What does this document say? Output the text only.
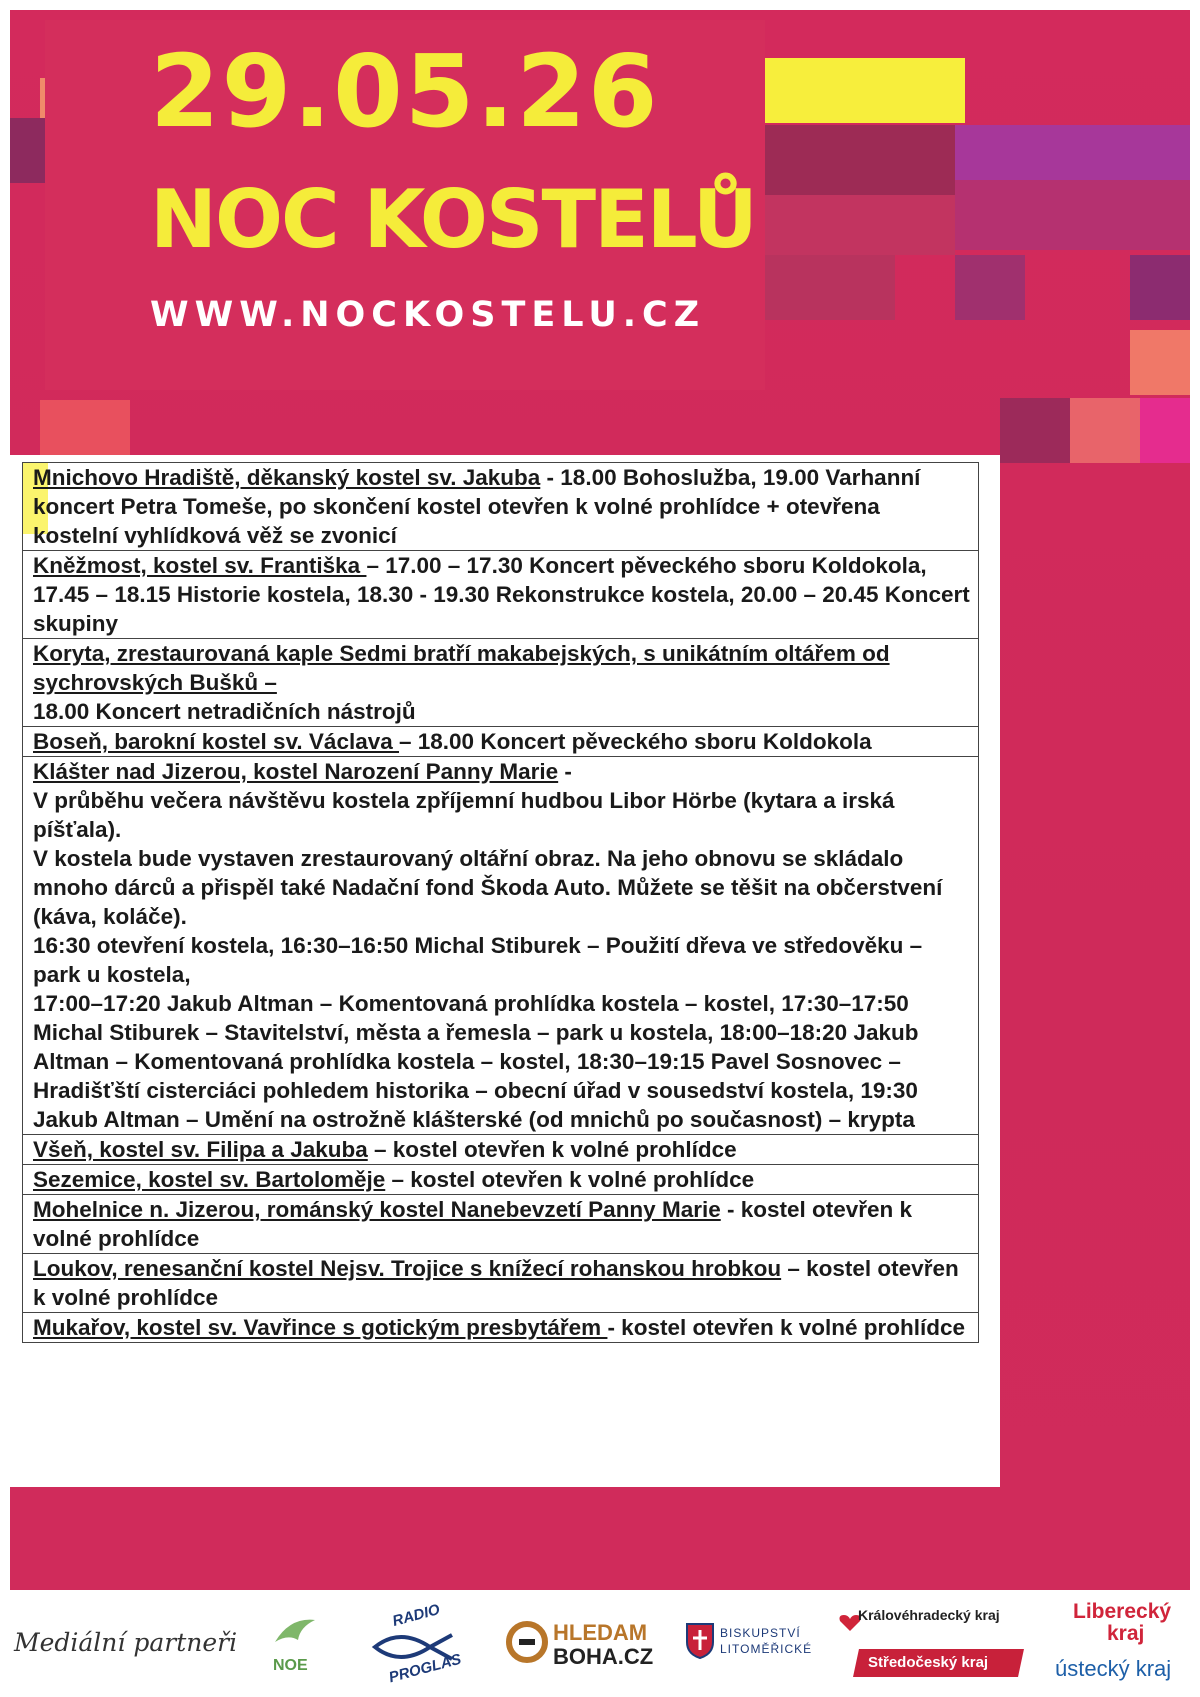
29.05.26
NOC KOSTELŮ
WWW.NOCKOSTELU.CZ
Mnichovo Hradiště, děkanský kostel sv. Jakuba - 18.00 Bohoslužba, 19.00 Varhanní koncert Petra Tomeše, po skončení kostel otevřen k volné prohlídce + otevřena kostelní vyhlídková věž se zvonicí
Kněžmost, kostel sv. Františka – 17.00 – 17.30 Koncert pěveckého sboru Koldokola, 17.45 – 18.15 Historie kostela, 18.30 - 19.30 Rekonstrukce kostela, 20.00 – 20.45 Koncert skupiny
Koryta, zrestaurovaná kaple Sedmi bratří makabejských, s unikátním oltářem od sychrovských Bušků –
18.00 Koncert netradičních nástrojů
Boseň, barokní kostel sv. Václava – 18.00 Koncert pěveckého sboru Koldokola
Klášter nad Jizerou, kostel Narození Panny Marie -
V průběhu večera návštěvu kostela zpříjemní hudbou Libor Hörbe (kytara a irská píšťala).
V kostela bude vystaven zrestaurovaný oltářní obraz. Na jeho obnovu se skládalo mnoho dárců a přispěl také Nadační fond Škoda Auto. Můžete se těšit na občerstvení (káva, koláče).
16:30 otevření kostela, 16:30–16:50 Michal Stiburek – Použití dřeva ve středověku – park u kostela,
17:00–17:20 Jakub Altman – Komentovaná prohlídka kostela – kostel, 17:30–17:50 Michal Stiburek – Stavitelství, města a řemesla – park u kostela, 18:00–18:20 Jakub Altman – Komentovaná prohlídka kostela – kostel, 18:30–19:15 Pavel Sosnovec – Hradišťští cisterciáci pohledem historika – obecní úřad v sousedství kostela, 19:30 Jakub Altman – Umění na ostrožně klášterské (od mnichů po současnost) – krypta
Všeň, kostel sv. Filipa a Jakuba – kostel otevřen k volné prohlídce
Sezemice, kostel sv. Bartoloměje – kostel otevřen k volné prohlídce
Mohelnice n. Jizerou, románský kostel Nanebevzetí Panny Marie - kostel otevřen k volné prohlídce
Loukov, renesanční kostel Nejsv. Trojice s knížecí rohanskou hrobkou – kostel otevřen k volné prohlídce
Mukařov, kostel sv. Vavřince s gotickým presbytářem - kostel otevřen k volné prohlídce
Mediální partneři
NOE
RADIO
PROGLAS
HLEDAM
BOHA.CZ
BISKUPSTVÍ
LITOMĚŘICKÉ
Královéhradecký kraj
Středočeský kraj
Liberecký
kraj
ústecký kraj
